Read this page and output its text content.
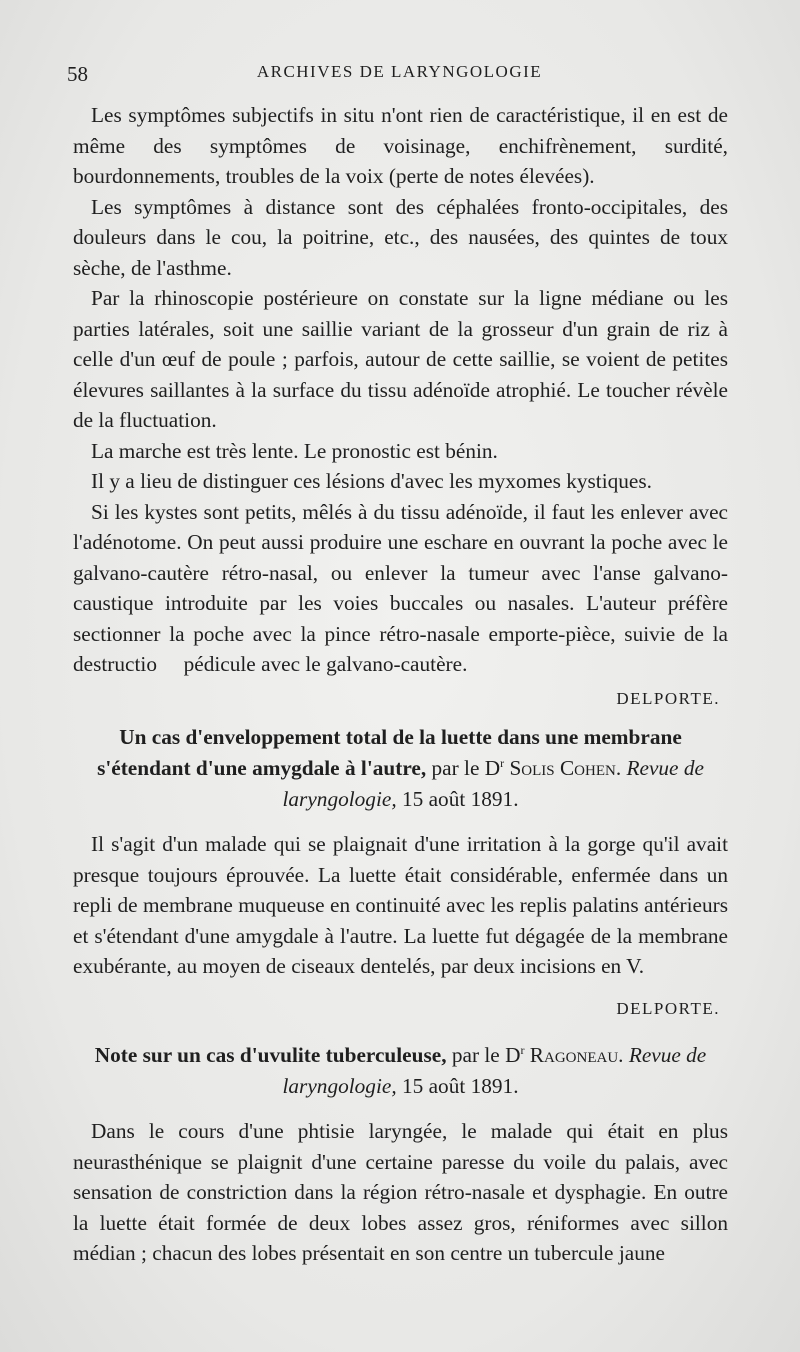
58	ARCHIVES DE LARYNGOLOGIE

Les symptômes subjectifs in situ n'ont rien de caractéristique, il en est de même des symptômes de voisinage, enchifrènement, surdité, bourdonnements, troubles de la voix (perte de notes élevées).

Les symptômes à distance sont des céphalées fronto-occipitales, des douleurs dans le cou, la poitrine, etc., des nausées, des quintes de toux sèche, de l'asthme.

Par la rhinoscopie postérieure on constate sur la ligne médiane ou les parties latérales, soit une saillie variant de la grosseur d'un grain de riz à celle d'un œuf de poule ; parfois, autour de cette saillie, se voient de petites élevures saillantes à la surface du tissu adénoïde atrophié. Le toucher révèle de la fluctuation.

La marche est très lente. Le pronostic est bénin.

Il y a lieu de distinguer ces lésions d'avec les myxomes kystiques.

Si les kystes sont petits, mêlés à du tissu adénoïde, il faut les enlever avec l'adénotome. On peut aussi produire une eschare en ouvrant la poche avec le galvano-cautère rétro-nasal, ou enlever la tumeur avec l'anse galvano-caustique introduite par les voies buccales ou nasales. L'auteur préfère sectionner la poche avec la pince rétro-nasale emporte-pièce, suivie de la destructio     pédicule avec le galvano-cautère.

DELPORTE.
Un cas d'enveloppement total de la luette dans une membrane s'étendant d'une amygdale à l'autre, par le $D^r$ Solis Cohen. Revue de laryngologie, 15 août 1891.

Il s'agit d'un malade qui se plaignait d'une irritation à la gorge qu'il avait presque toujours éprouvée. La luette était considérable, enfermée dans un repli de membrane muqueuse en continuité avec les replis palatins antérieurs et s'étendant d'une amygdale à l'autre. La luette fut dégagée de la membrane exubérante, au moyen de ciseaux dentelés, par deux incisions en V.

DELPORTE.
Note sur un cas d'uvulite tuberculeuse, par le $D^r$ Ragoneau. Revue de laryngologie, 15 août 1891.

Dans le cours d'une phtisie laryngée, le malade qui était en plus neurasthénique se plaignit d'une certaine paresse du voile du palais, avec sensation de constriction dans la région rétro-nasale et dysphagie. En outre la luette était formée de deux lobes assez gros, réniformes avec sillon médian ; chacun des lobes présentait en son centre un tubercule jaune
